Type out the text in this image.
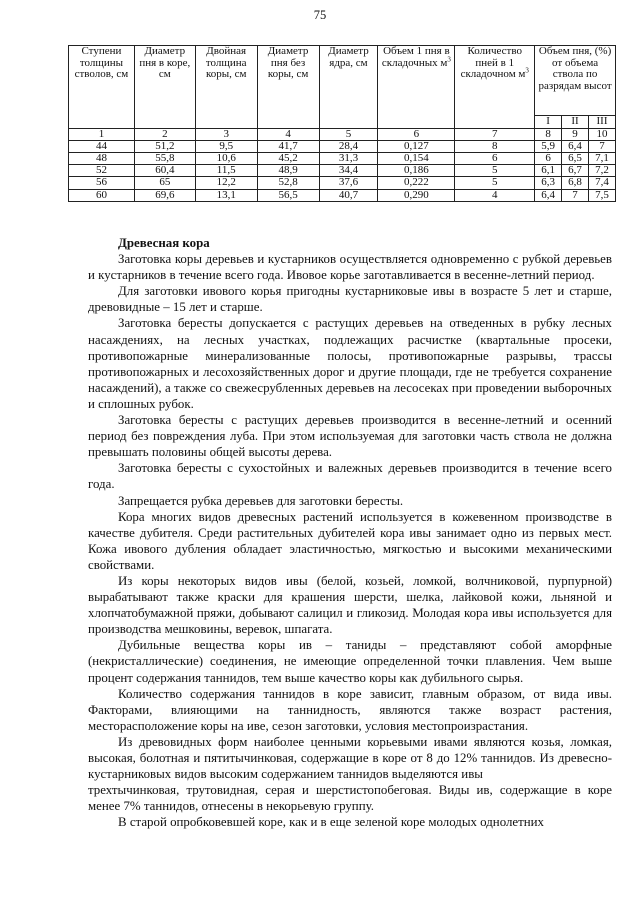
75
Ступени толщины стволов, см	Диаметр пня в коре, см	Двойная толщина коры, см	Диаметр пня без коры, см	Диаметр ядра, см	Объем 1 пня в складочных $м^3$	Количество пней в 1 складочном $м^3$	Объем пня, (%) от объема ствола по разрядам высот		
							I	II	III
1	2	3	4	5	6	7	8	9	10
44	51,2	9,5	41,7	28,4	0,127	8	5,9	6,4	7
48	55,8	10,6	45,2	31,3	0,154	6	6	6,5	7,1
52	60,4	11,5	48,9	34,4	0,186	5	6,1	6,7	7,2
56	65	12,2	52,8	37,6	0,222	5	6,3	6,8	7,4
60	69,6	13,1	56,5	40,7	0,290	4	6,4	7	7,5

Древесная кора

Заготовка коры деревьев и кустарников осуществляется одновременно с рубкой деревьев и кустарников в течение всего года. Ивовое корье заготавливается в весенне-летний период.

Для заготовки ивового корья пригодны кустарниковые ивы в возрасте 5 лет и старше, древовидные – 15 лет и старше.

Заготовка бересты допускается с растущих деревьев на отведенных в рубку лесных насаждениях, на лесных участках, подлежащих расчистке (квартальные просеки, противопожарные минерализованные полосы, противопожарные разрывы, трассы противопожарных и лесохозяйственных дорог и другие площади, где не требуется сохранение насаждений), а также со свежесрубленных деревьев на лесосеках при проведении выборочных и сплошных рубок.

Заготовка бересты с растущих деревьев производится в весенне-летний и осенний период без повреждения луба. При этом используемая для заготовки часть ствола не должна превышать половины общей высоты дерева.

Заготовка бересты с сухостойных и валежных деревьев производится в течение всего года.

Запрещается рубка деревьев для заготовки бересты.

Кора многих видов древесных растений используется в кожевенном производстве в качестве дубителя. Среди растительных дубителей кора ивы занимает одно из первых мест. Кожа ивового дубления обладает эластичностью, мягкостью и высокими механическими свойствами.

Из коры некоторых видов ивы (белой, козьей, ломкой, волчниковой, пурпурной) вырабатывают также краски для крашения шерсти, шелка, лайковой кожи, льняной и хлопчатобумажной пряжи, добывают салицил и гликозид. Молодая кора ивы используется для производства мешковины, веревок, шпагата.

Дубильные вещества коры ив – таниды – представляют собой аморфные (некристаллические) соединения, не имеющие определенной точки плавления. Чем выше процент содержания таннидов, тем выше качество коры как дубильного сырья.

Количество содержания таннидов в коре зависит, главным образом, от вида ивы. Факторами, влияющими на таннидность, являются также возраст растения, месторасположение коры на иве, сезон заготовки, условия местопроизрастания.

Из древовидных форм наиболее ценными корьевыми ивами являются козья, ломкая, высокая, болотная и пятитычинковая, содержащие в коре от 8 до 12% таннидов. Из древесно-кустарниковых видов высоким содержанием таннидов выделяются ивы

трехтычинковая, трутовидная, серая и шерстистопобеговая. Виды ив, содержащие в коре менее 7% таннидов, отнесены в некорьевую группу.

В старой опробковевшей коре, как и в еще зеленой коре молодых однолетних
